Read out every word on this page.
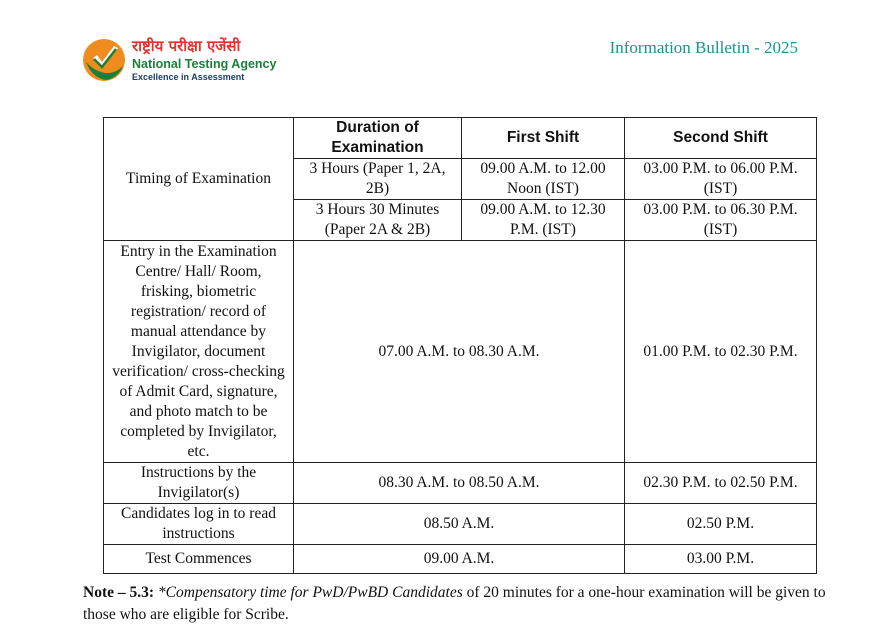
राष्ट्रीय परीक्षा एजेंसी
National Testing Agency
Excellence in Assessment
Information Bulletin - 2025
Timing of Examination	Duration of Examination	First Shift	Second Shift
	3 Hours (Paper 1, 2A, 2B)	09.00 A.M. to 12.00 Noon (IST)	03.00 P.M. to 06.00 P.M. (IST)
	3 Hours 30 Minutes (Paper 2A & 2B)	09.00 A.M. to 12.30 P.M. (IST)	03.00 P.M. to 06.30 P.M. (IST)
Entry in the Examination Centre/ Hall/ Room, frisking, biometric registration/ record of manual attendance by Invigilator, document verification/ cross-checking of Admit Card, signature, and photo match to be completed by Invigilator, etc.	07.00 A.M. to 08.30 A.M.		01.00 P.M. to 02.30 P.M.
Instructions by the Invigilator(s)	08.30 A.M. to 08.50 A.M.		02.30 P.M. to 02.50 P.M.
Candidates log in to read instructions	08.50 A.M.		02.50 P.M.
Test Commences	09.00 A.M.		03.00 P.M.
Note – 5.3: *Compensatory time for PwD/PwBD Candidates of 20 minutes for a one-hour examination will be given to those who are eligible for Scribe.
